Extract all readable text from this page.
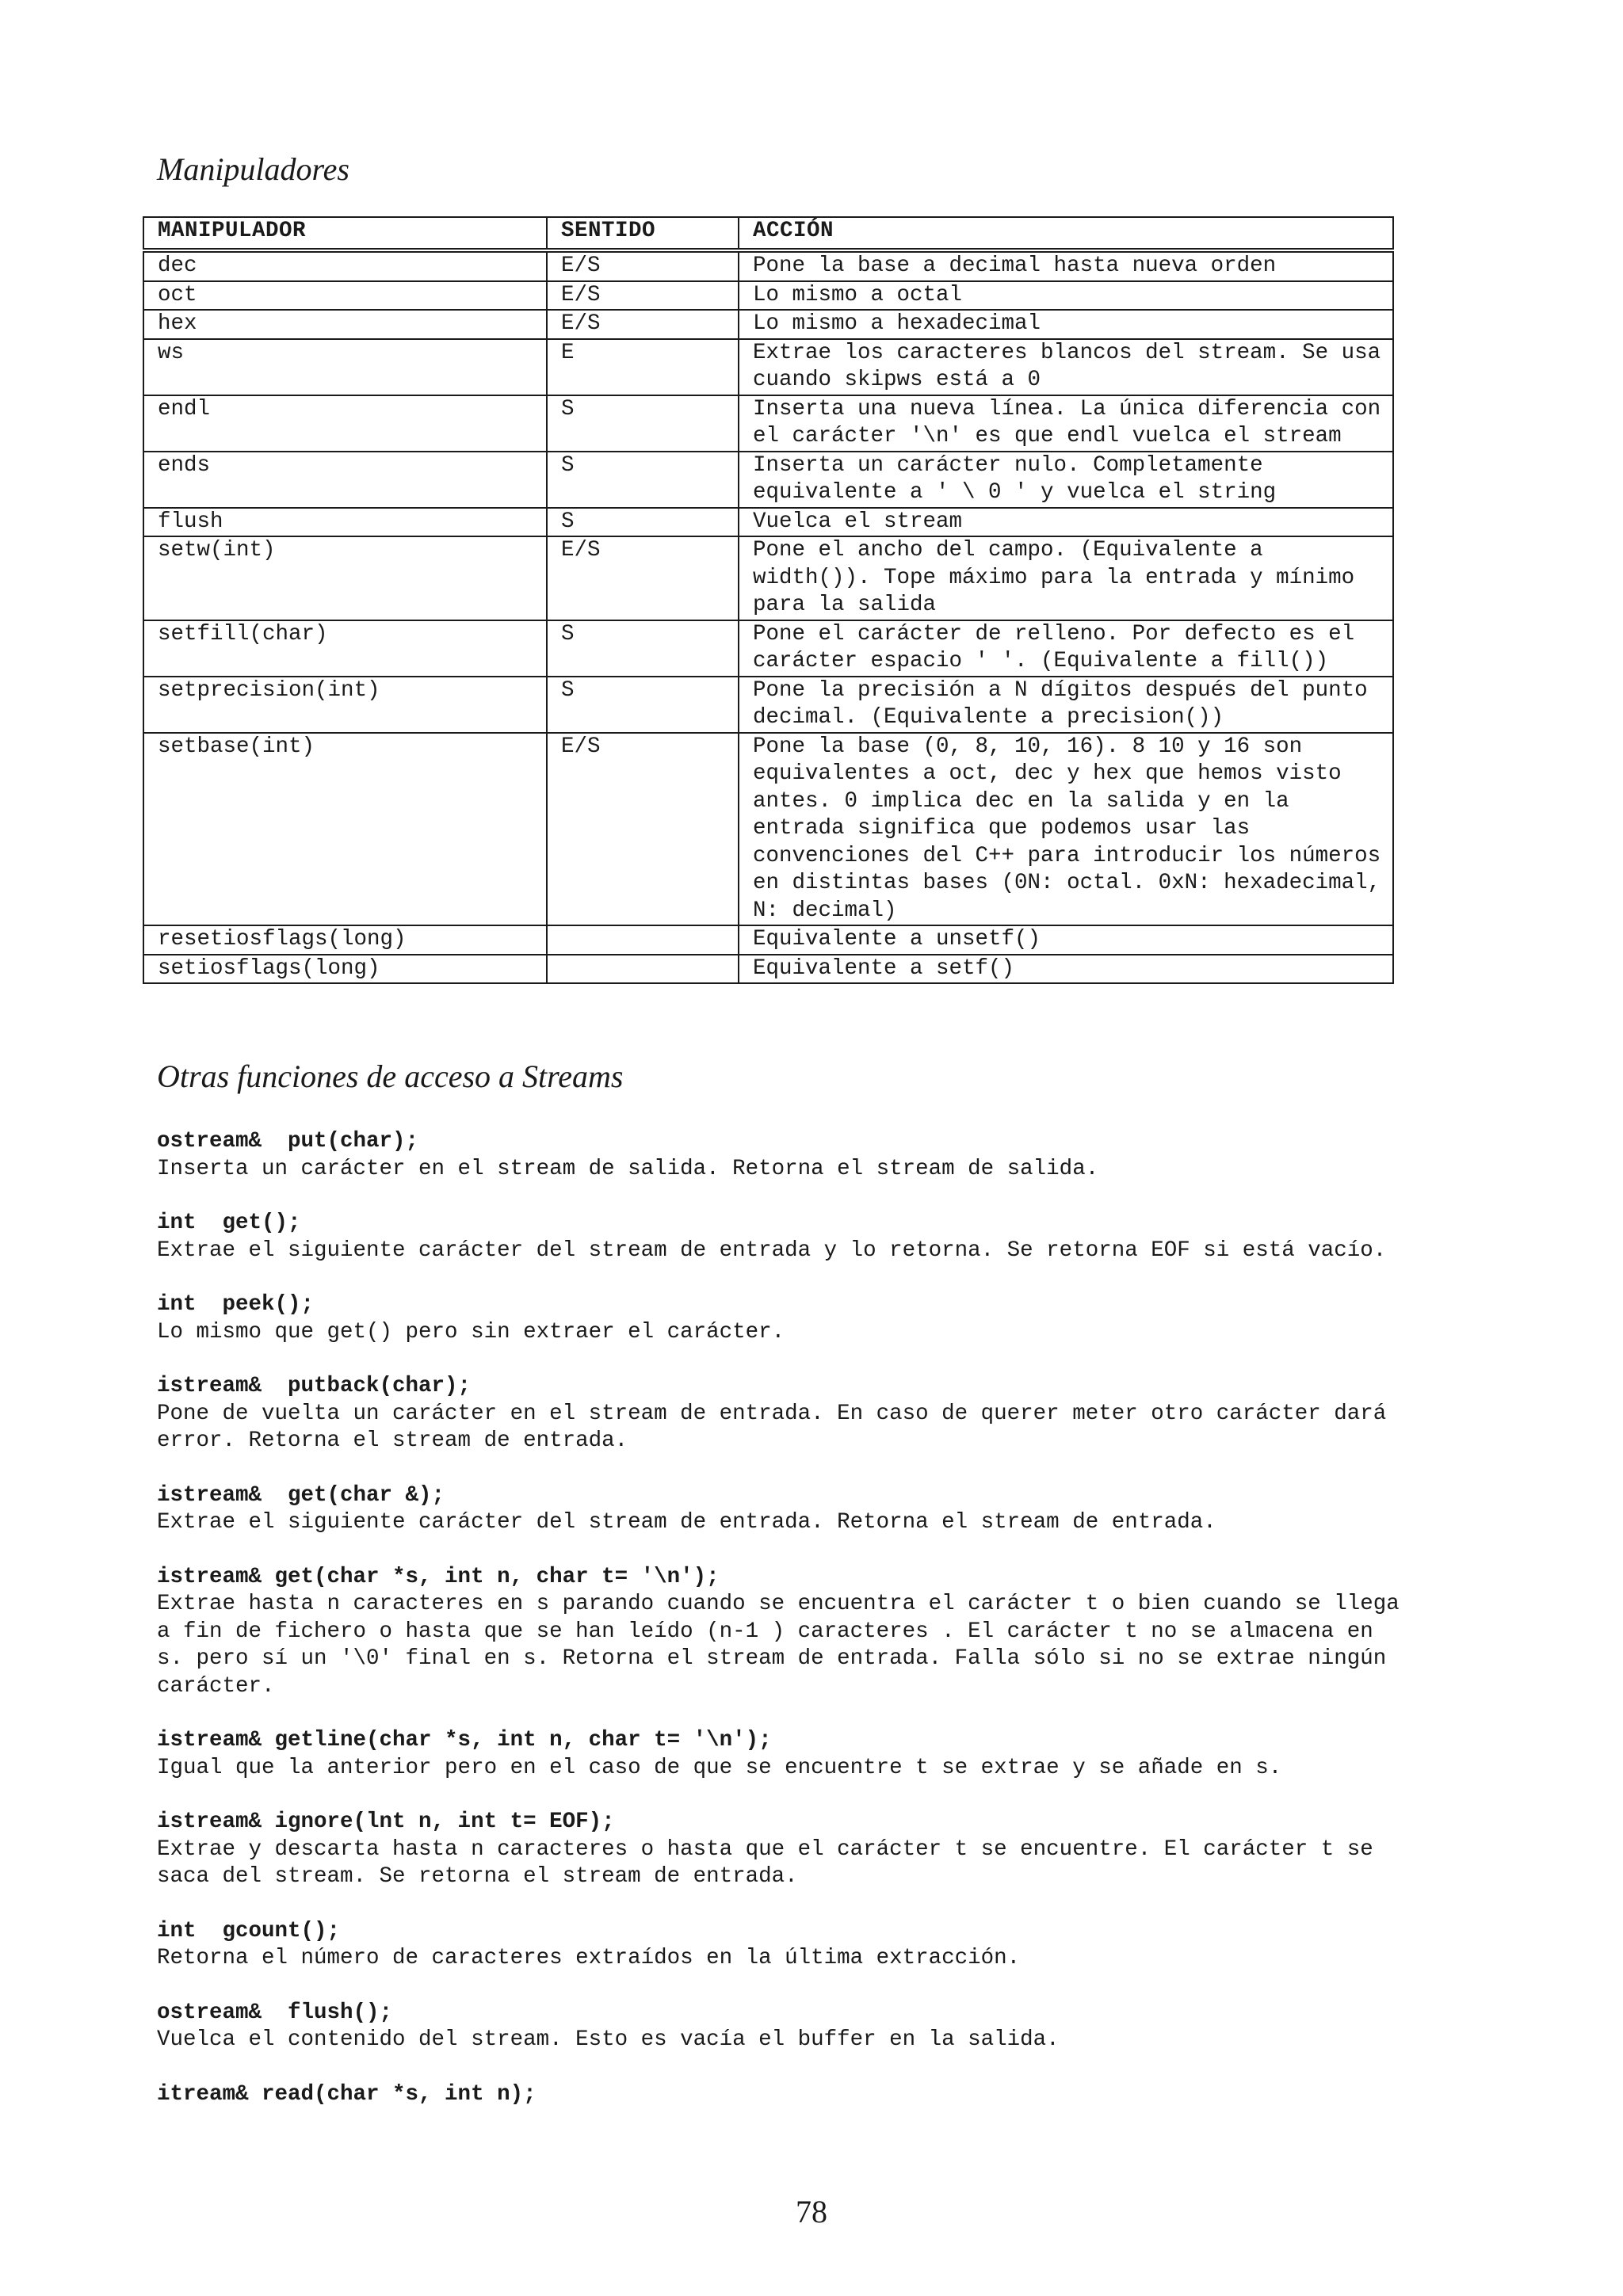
Manipuladores
MANIPULADOR	SENTIDO	ACCIÓN
dec	E/S	Pone la base a decimal hasta nueva orden
oct	E/S	Lo mismo a octal
hex	E/S	Lo mismo a hexadecimal
ws	E	Extrae los caracteres blancos del stream. Se usa cuando skipws está a 0
endl	S	Inserta una nueva línea. La única diferencia con el carácter '\n' es que endl vuelca el stream
ends	S	Inserta un carácter nulo. Completamente equivalente a ' \ 0 ' y vuelca el string
flush	S	Vuelca el stream
setw(int)	E/S	Pone el ancho del campo. (Equivalente a width()). Tope máximo para la entrada y mínimo para la salida
setfill(char)	S	Pone el carácter de relleno. Por defecto es el carácter espacio ' '. (Equivalente a fill())
setprecision(int)	S	Pone la precisión a N dígitos después del punto decimal. (Equivalente a precision())
setbase(int)	E/S	Pone la base (0, 8, 10, 16). 8 10 y 16 son equivalentes a oct, dec y hex que hemos visto antes. 0 implica dec en la salida y en la entrada significa que podemos usar las convenciones del C++ para introducir los números en distintas bases (0N: octal. 0xN: hexadecimal, N: decimal)
resetiosflags(long)		Equivalente a unsetf()
setiosflags(long)		Equivalente a setf()
Otras funciones de acceso a Streams
ostream&  put(char);
Inserta un carácter en el stream de salida. Retorna el stream de salida.
int  get();
Extrae el siguiente carácter del stream de entrada y lo retorna. Se retorna EOF si está vacío.
int  peek();
Lo mismo que get() pero sin extraer el carácter.
istream&  putback(char);
Pone de vuelta un carácter en el stream de entrada. En caso de querer meter otro carácter dará error. Retorna el stream de entrada.
istream&  get(char &);
Extrae el siguiente carácter del stream de entrada. Retorna el stream de entrada.
istream& get(char *s, int n, char t= '\n');
Extrae hasta n caracteres en s parando cuando se encuentra el carácter t o bien cuando se llega a fin de fichero o hasta que se han leído (n-1 ) caracteres . El carácter t no se almacena en s. pero sí un '\0' final en s. Retorna el stream de entrada. Falla sólo si no se extrae ningún carácter.
istream& getline(char *s, int n, char t= '\n');
Igual que la anterior pero en el caso de que se encuentre t se extrae y se añade en s.
istream& ignore(lnt n, int t= EOF);
Extrae y descarta hasta n caracteres o hasta que el carácter t se encuentre. El carácter t se saca del stream. Se retorna el stream de entrada.
int  gcount();
Retorna el número de caracteres extraídos en la última extracción.
ostream&  flush();
Vuelca el contenido del stream. Esto es vacía el buffer en la salida.
itream& read(char *s, int n);
78
